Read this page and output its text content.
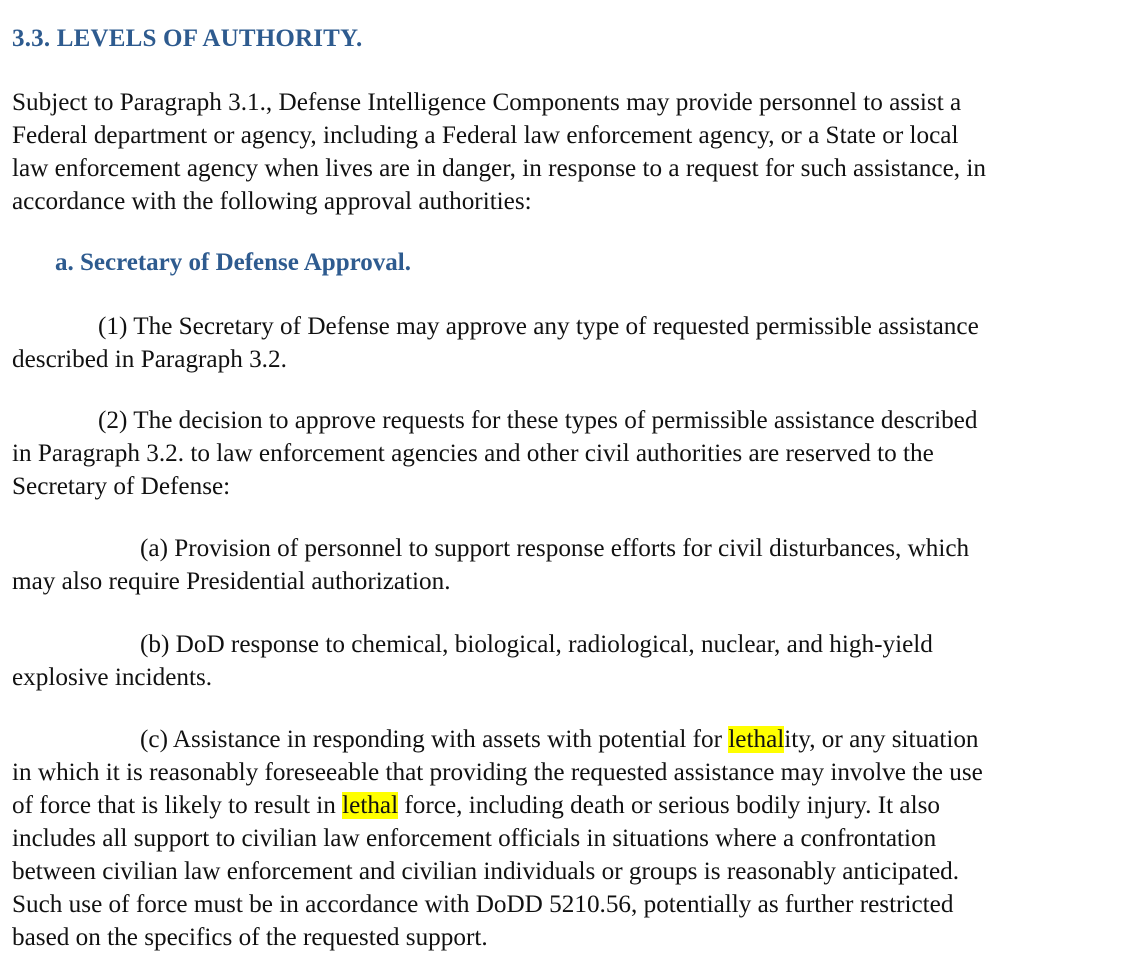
3.3. LEVELS OF AUTHORITY.
Subject to Paragraph 3.1., Defense Intelligence Components may provide personnel to assist a
Federal department or agency, including a Federal law enforcement agency, or a State or local
law enforcement agency when lives are in danger, in response to a request for such assistance, in
accordance with the following approval authorities:
a. Secretary of Defense Approval.
(1) The Secretary of Defense may approve any type of requested permissible assistance
described in Paragraph 3.2.
(2) The decision to approve requests for these types of permissible assistance described
in Paragraph 3.2. to law enforcement agencies and other civil authorities are reserved to the
Secretary of Defense:
(a) Provision of personnel to support response efforts for civil disturbances, which
may also require Presidential authorization.
(b) DoD response to chemical, biological, radiological, nuclear, and high-yield
explosive incidents.
(c) Assistance in responding with assets with potential for lethality, or any situation
in which it is reasonably foreseeable that providing the requested assistance may involve the use
of force that is likely to result in lethal force, including death or serious bodily injury. It also
includes all support to civilian law enforcement officials in situations where a confrontation
between civilian law enforcement and civilian individuals or groups is reasonably anticipated.
Such use of force must be in accordance with DoDD 5210.56, potentially as further restricted
based on the specifics of the requested support.
